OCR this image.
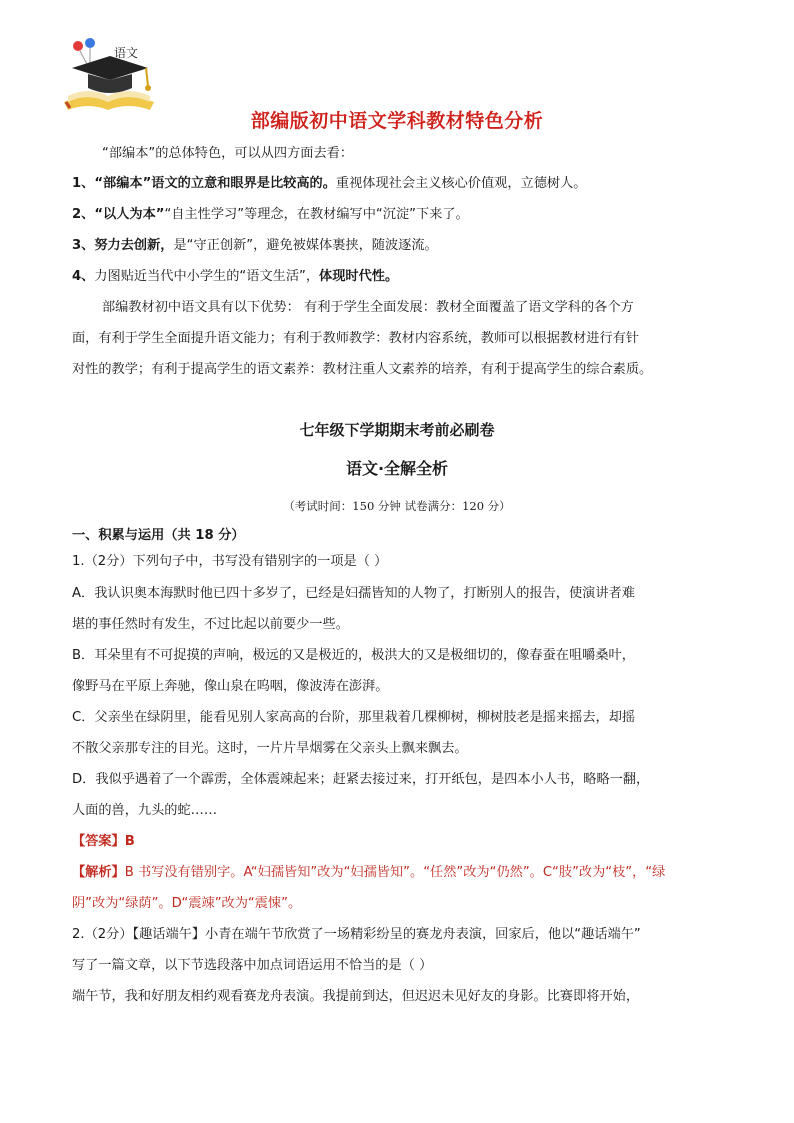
语文
部编版初中语文学科教材特色分析
“部编本”的总体特色，可以从四方面去看：
1、“部编本”语文的立意和眼界是比较高的。重视体现社会主义核心价值观，立德树人。
2、“以人为本”“自主性学习”等理念，在教材编写中“沉淀”下来了。
3、努力去创新，是“守正创新”，避免被媒体裹挟，随波逐流。
4、力图贴近当代中小学生的“语文生活”，体现时代性。
部编教材初中语文具有以下优势： 有利于学生全面发展：教材全面覆盖了语文学科的各个方
面，有利于学生全面提升语文能力；有利于教师教学：教材内容系统，教师可以根据教材进行有针
对性的教学；有利于提高学生的语文素养：教材注重人文素养的培养，有利于提高学生的综合素质。
七年级下学期期末考前必刷卷
语文·全解全析
（考试时间：150 分钟 试卷满分：120 分）
一、积累与运用（共 18 分）
1.（2分）下列句子中，书写没有错别字的一项是（ ）
A．我认识奥本海默时他已四十多岁了，已经是妇孺皆知的人物了，打断别人的报告，使演讲者难
堪的事任然时有发生，不过比起以前要少一些。
B．耳朵里有不可捉摸的声响，极远的又是极近的，极洪大的又是极细切的，像春蚕在咀嚼桑叶，
像野马在平原上奔驰，像山泉在呜咽，像波涛在澎湃。
C．父亲坐在绿阴里，能看见别人家高高的台阶，那里栽着几棵柳树，柳树肢老是摇来摇去，却摇
不散父亲那专注的目光。这时，一片片旱烟雾在父亲头上飘来飘去。
D．我似乎遇着了一个霹雳，全体震竦起来；赶紧去接过来，打开纸包，是四本小人书，略略一翻，
人面的兽，九头的蛇……
【答案】B
【解析】B 书写没有错别字。A“妇孺皆知”改为“妇孺皆知”。“任然”改为“仍然”。C“肢”改为“枝”，“绿
阴”改为“绿荫”。D“震竦”改为“震悚”。
2.（2分）【趣话端午】小青在端午节欣赏了一场精彩纷呈的赛龙舟表演，回家后，他以“趣话端午”
写了一篇文章，以下节选段落中加点词语运用不恰当的是（ ）
端午节，我和好朋友相约观看赛龙舟表演。我提前到达，但迟迟未见好友的身影。比赛即将开始，
